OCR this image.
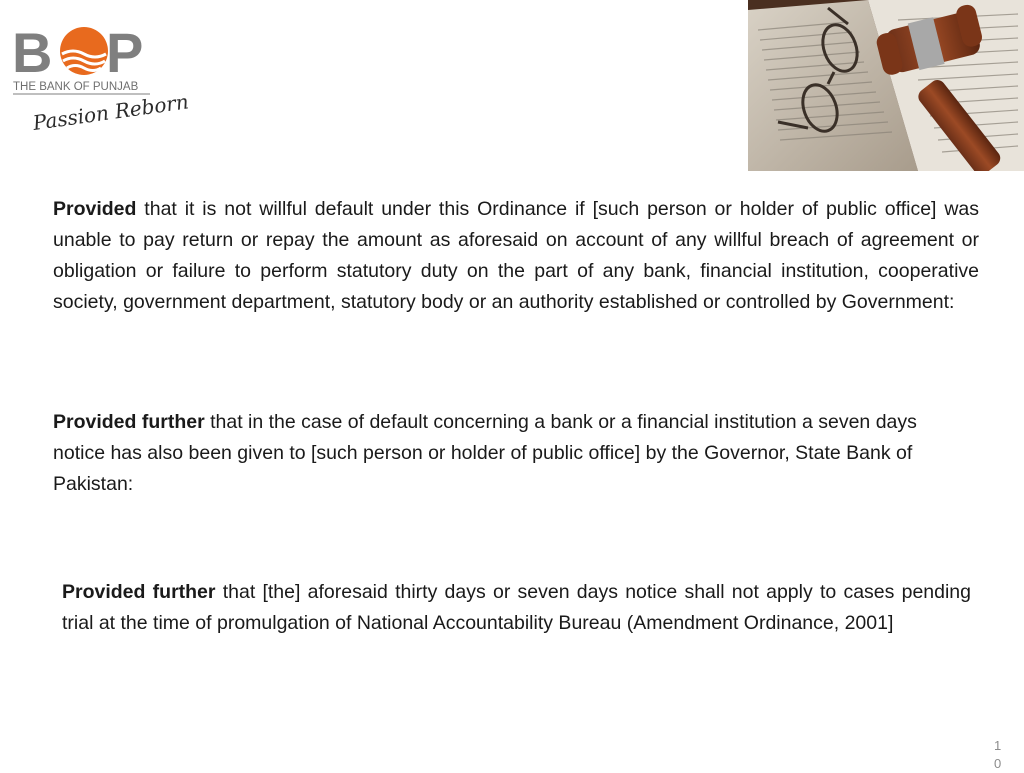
B P
THE BANK OF PUNJAB
Passion Reborn

Provided that it is not willful default under this Ordinance if [such person or holder of public office] was unable to pay return or repay the amount as aforesaid on account of any willful breach of agreement or obligation or failure to perform statutory duty on the part of any bank, financial institution, cooperative society, government department, statutory body or an authority established or controlled by Government:

Provided further that in the case of default concerning a bank or a financial institution a seven days notice has also been given to [such person or holder of public office] by the Governor, State Bank of Pakistan:

Provided further that [the] aforesaid thirty days or seven days notice shall not apply to cases pending trial at the time of promulgation of National Accountability Bureau (Amendment Ordinance, 2001]

10
